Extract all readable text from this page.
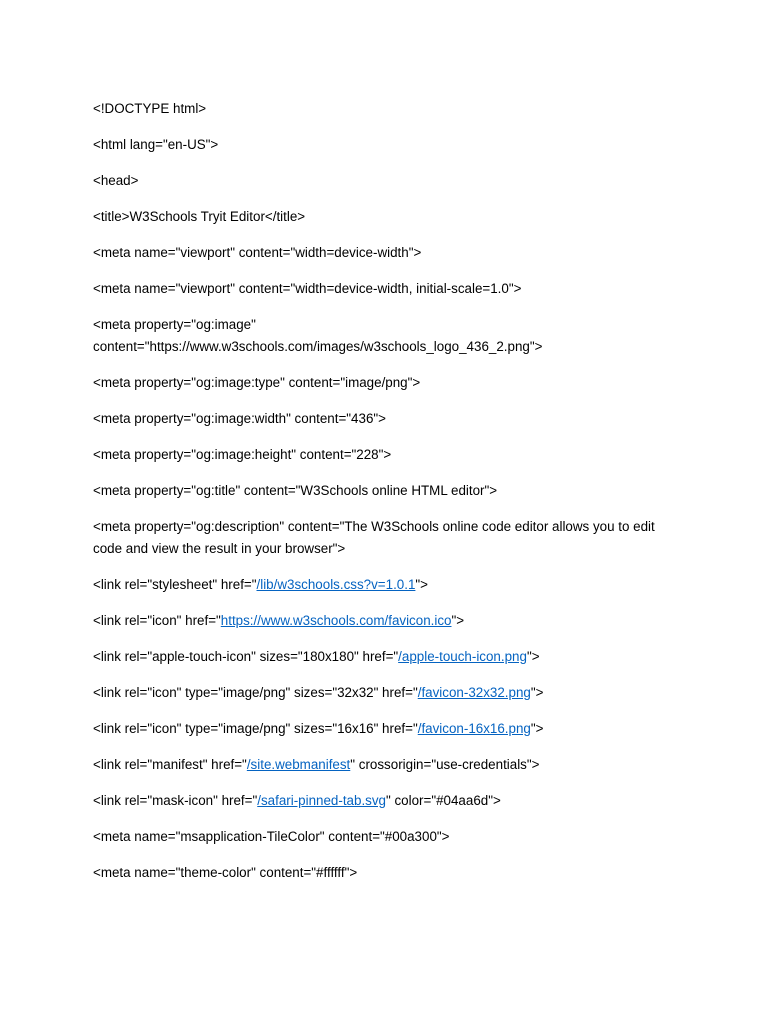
<!DOCTYPE html>
<html lang="en-US">
<head>
<title>W3Schools Tryit Editor</title>
<meta name="viewport" content="width=device-width">
<meta name="viewport" content="width=device-width, initial-scale=1.0">
<meta property="og:image" content="https://www.w3schools.com/images/w3schools_logo_436_2.png">
<meta property="og:image:type" content="image/png">
<meta property="og:image:width" content="436">
<meta property="og:image:height" content="228">
<meta property="og:title" content="W3Schools online HTML editor">
<meta property="og:description" content="The W3Schools online code editor allows you to edit code and view the result in your browser">
<link rel="stylesheet" href="/lib/w3schools.css?v=1.0.1">
<link rel="icon" href="https://www.w3schools.com/favicon.ico">
<link rel="apple-touch-icon" sizes="180x180" href="/apple-touch-icon.png">
<link rel="icon" type="image/png" sizes="32x32" href="/favicon-32x32.png">
<link rel="icon" type="image/png" sizes="16x16" href="/favicon-16x16.png">
<link rel="manifest" href="/site.webmanifest" crossorigin="use-credentials">
<link rel="mask-icon" href="/safari-pinned-tab.svg" color="#04aa6d">
<meta name="msapplication-TileColor" content="#00a300">
<meta name="theme-color" content="#ffffff">
